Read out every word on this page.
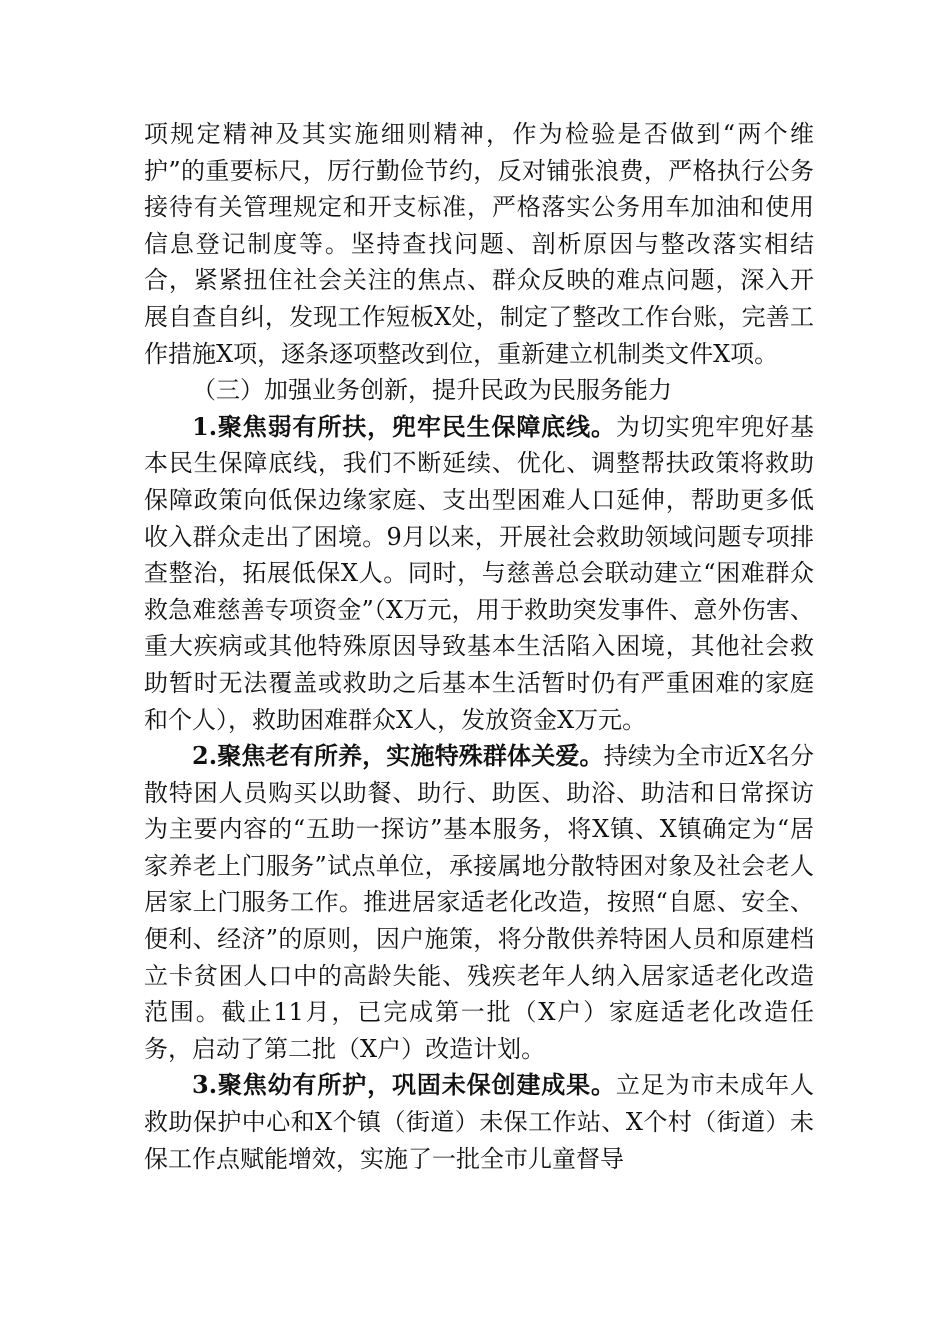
项规定精神及其实施细则精神，作为检验是否做到“两个维护”的重要标尺，厉行勤俭节约，反对铺张浪费，严格执行公务接待有关管理规定和开支标准，严格落实公务用车加油和使用信息登记制度等。坚持查找问题、剖析原因与整改落实相结合，紧紧扭住社会关注的焦点、群众反映的难点问题，深入开展自查自纠，发现工作短板X处，制定了整改工作台账，完善工作措施X项，逐条逐项整改到位，重新建立机制类文件X项。

（三）加强业务创新，提升民政为民服务能力

1.聚焦弱有所扶，兜牢民生保障底线。为切实兜牢兜好基本民生保障底线，我们不断延续、优化、调整帮扶政策将救助保障政策向低保边缘家庭、支出型困难人口延伸，帮助更多低收入群众走出了困境。9月以来，开展社会救助领域问题专项排查整治，拓展低保X人。同时，与慈善总会联动建立“困难群众救急难慈善专项资金”（X万元，用于救助突发事件、意外伤害、重大疾病或其他特殊原因导致基本生活陷入困境，其他社会救助暂时无法覆盖或救助之后基本生活暂时仍有严重困难的家庭和个人），救助困难群众X人，发放资金X万元。

2.聚焦老有所养，实施特殊群体关爱。持续为全市近X名分散特困人员购买以助餐、助行、助医、助浴、助洁和日常探访为主要内容的“五助一探访”基本服务，将X镇、X镇确定为“居家养老上门服务”试点单位，承接属地分散特困对象及社会老人居家上门服务工作。推进居家适老化改造，按照“自愿、安全、便利、经济”的原则，因户施策，将分散供养特困人员和原建档立卡贫困人口中的高龄失能、残疾老年人纳入居家适老化改造范围。截止11月，已完成第一批（X户）家庭适老化改造任务，启动了第二批（X户）改造计划。

3.聚焦幼有所护，巩固未保创建成果。立足为市未成年人救助保护中心和X个镇（街道）未保工作站、X个村（街道）未保工作点赋能增效，实施了一批全市儿童督导
